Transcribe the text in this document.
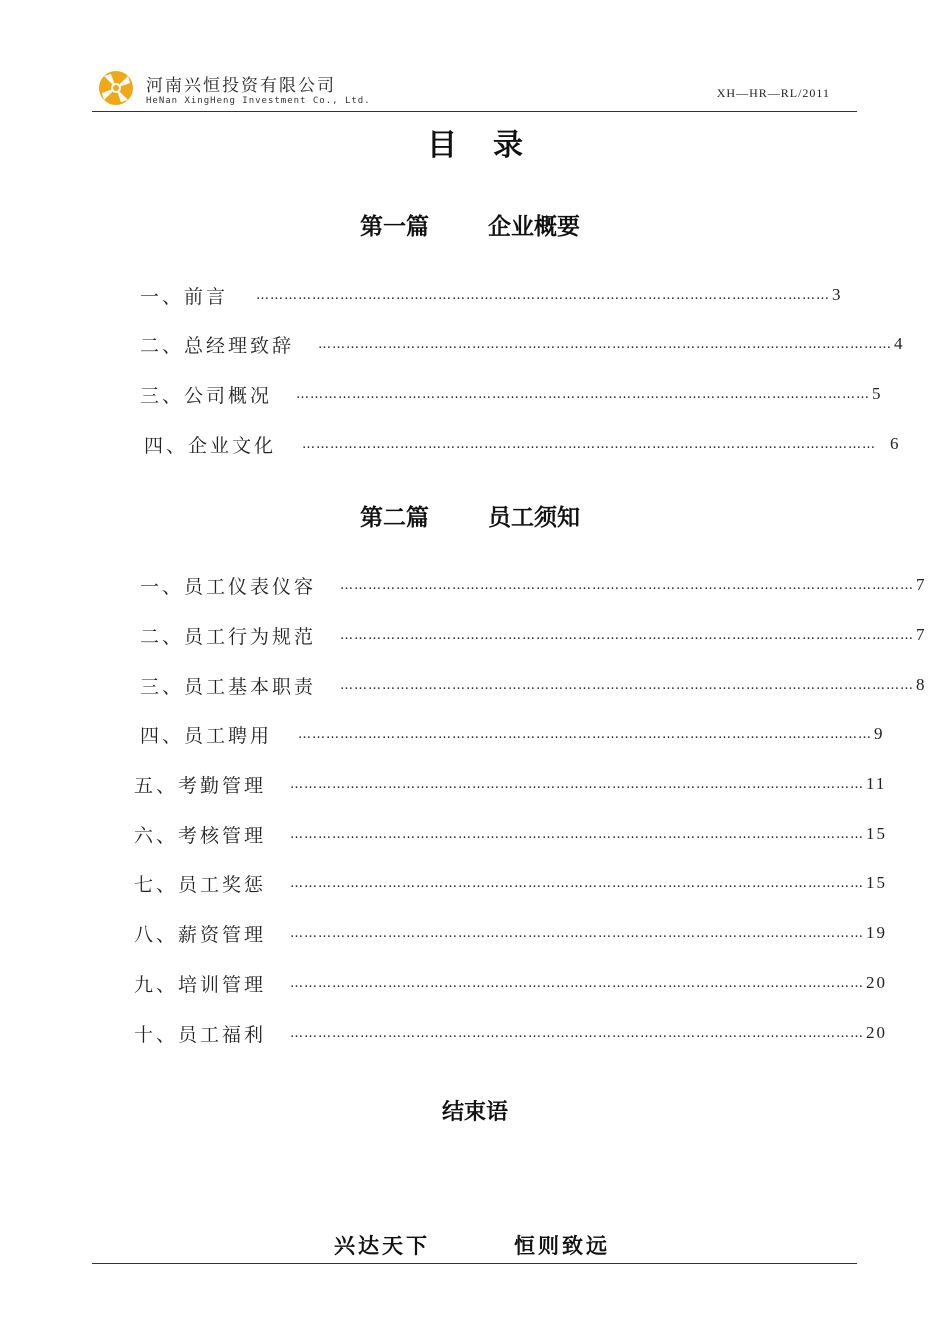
河南兴恒投资有限公司
HeNan XingHeng Investment Co., Ltd.
XH—HR—RL/2011
目录
第一篇	企业概要
一、前言 …………………………………………………………………………………………………………… 3
二、总经理致辞 …………………………………………………………………………………………………………… 4
三、公司概况 …………………………………………………………………………………………………………… 5
四、企业文化 …………………………………………………………………………………………………………… 6
第二篇	员工须知
一、员工仪表仪容 …………………………………………………………………………………………………………… 7
二、员工行为规范 …………………………………………………………………………………………………………… 7
三、员工基本职责 …………………………………………………………………………………………………………… 8
四、员工聘用 …………………………………………………………………………………………………………… 9
五、考勤管理 …………………………………………………………………………………………………………… 11
六、考核管理 …………………………………………………………………………………………………………… 15
七、员工奖惩 …………………………………………………………………………………………………………… 15
八、薪资管理 …………………………………………………………………………………………………………… 19
九、培训管理 …………………………………………………………………………………………………………… 20
十、员工福利 …………………………………………………………………………………………………………… 20
结束语
兴达天下	恒则致远
